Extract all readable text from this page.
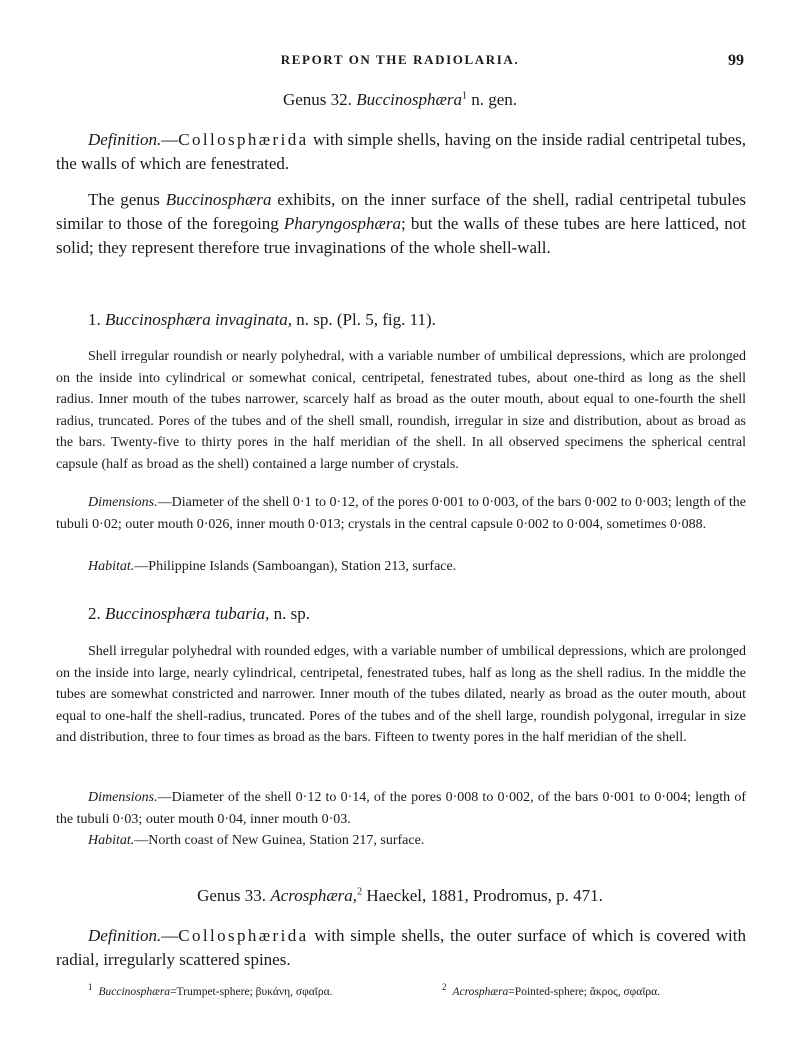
REPORT ON THE RADIOLARIA.	99
Genus 32. Buccinosphæra$^1$ n. gen.

Definition.—Collosphærida with simple shells, having on the inside radial centripetal tubes, the walls of which are fenestrated.

The genus Buccinosphæra exhibits, on the inner surface of the shell, radial centripetal tubules similar to those of the foregoing Pharyngosphæra; but the walls of these tubes are here latticed, not solid; they represent therefore true invaginations of the whole shell-wall.

1. Buccinosphæra invaginata, n. sp. (Pl. 5, fig. 11).

Shell irregular roundish or nearly polyhedral, with a variable number of umbilical depressions, which are prolonged on the inside into cylindrical or somewhat conical, centripetal, fenestrated tubes, about one-third as long as the shell radius. Inner mouth of the tubes narrower, scarcely half as broad as the outer mouth, about equal to one-fourth the shell radius, truncated. Pores of the tubes and of the shell small, roundish, irregular in size and distribution, about as broad as the bars. Twenty-five to thirty pores in the half meridian of the shell. In all observed specimens the spherical central capsule (half as broad as the shell) contained a large number of crystals.

Dimensions.—Diameter of the shell 0·1 to 0·12, of the pores 0·001 to 0·003, of the bars 0·002 to 0·003; length of the tubuli 0·02; outer mouth 0·026, inner mouth 0·013; crystals in the central capsule 0·002 to 0·004, sometimes 0·088.

Habitat.—Philippine Islands (Samboangan), Station 213, surface.

2. Buccinosphæra tubaria, n. sp.

Shell irregular polyhedral with rounded edges, with a variable number of umbilical depressions, which are prolonged on the inside into large, nearly cylindrical, centripetal, fenestrated tubes, half as long as the shell radius. In the middle the tubes are somewhat constricted and narrower. Inner mouth of the tubes dilated, nearly as broad as the outer mouth, about equal to one-half the shell-radius, truncated. Pores of the tubes and of the shell large, roundish polygonal, irregular in size and distribution, three to four times as broad as the bars. Fifteen to twenty pores in the half meridian of the shell.

Dimensions.—Diameter of the shell 0·12 to 0·14, of the pores 0·008 to 0·002, of the bars 0·001 to 0·004; length of the tubuli 0·03; outer mouth 0·04, inner mouth 0·03.

Habitat.—North coast of New Guinea, Station 217, surface.

Genus 33. Acrosphæra,$^2$ Haeckel, 1881, Prodromus, p. 471.

Definition.—Collosphærida with simple shells, the outer surface of which is covered with radial, irregularly scattered spines.

$^1$ Buccinosphæra=Trumpet-sphere; βυκάνη, σφαῖρα.	$^2$ Acrosphæra=Pointed-sphere; ἄκρος, σφαῖρα.
